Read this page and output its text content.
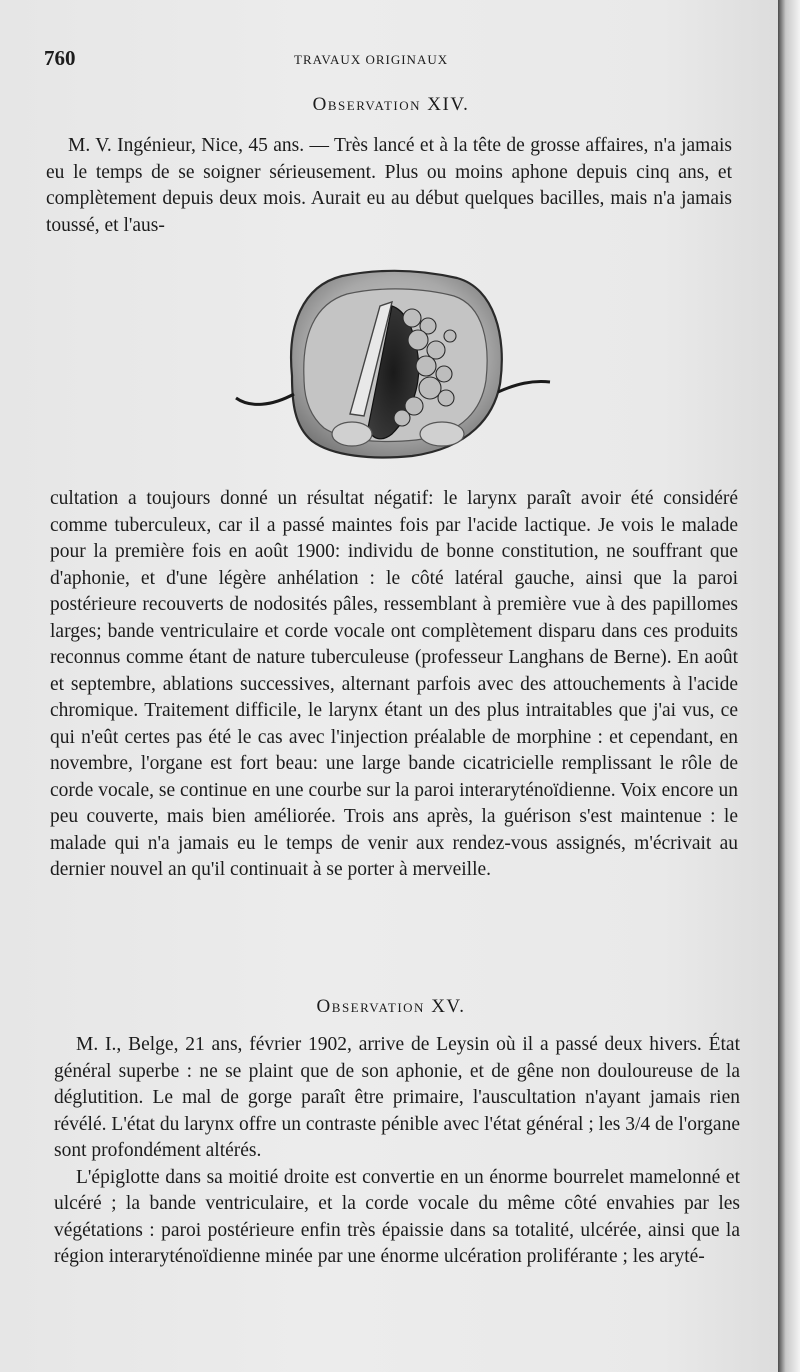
760	TRAVAUX ORIGINAUX
Observation XIV.

M. V. Ingénieur, Nice, 45 ans. — Très lancé et à la tête de grosse affaires, n'a jamais eu le temps de se soigner sérieusement. Plus ou moins aphone depuis cinq ans, et complètement depuis deux mois. Aurait eu au début quelques bacilles, mais n'a jamais toussé, et l'aus-

cultation a toujours donné un résultat négatif: le larynx paraît avoir été considéré comme tuberculeux, car il a passé maintes fois par l'acide lactique. Je vois le malade pour la première fois en août 1900: individu de bonne constitution, ne souffrant que d'aphonie, et d'une légère anhélation : le côté latéral gauche, ainsi que la paroi postérieure recouverts de nodosités pâles, ressemblant à première vue à des papillomes larges; bande ventriculaire et corde vocale ont complètement disparu dans ces produits reconnus comme étant de nature tuberculeuse (professeur Langhans de Berne). En août et septembre, ablations successives, alternant parfois avec des attouchements à l'acide chromique. Traitement difficile, le larynx étant un des plus intraitables que j'ai vus, ce qui n'eût certes pas été le cas avec l'injection préalable de morphine : et cependant, en novembre, l'organe est fort beau: une large bande cicatricielle remplissant le rôle de corde vocale, se continue en une courbe sur la paroi interaryténoïdienne. Voix encore un peu couverte, mais bien améliorée. Trois ans après, la guérison s'est maintenue : le malade qui n'a jamais eu le temps de venir aux rendez-vous assignés, m'écrivait au dernier nouvel an qu'il continuait à se porter à merveille.

Observation XV.

M. I., Belge, 21 ans, février 1902, arrive de Leysin où il a passé deux hivers. État général superbe : ne se plaint que de son aphonie, et de gêne non douloureuse de la déglutition. Le mal de gorge paraît être primaire, l'auscultation n'ayant jamais rien révélé. L'état du larynx offre un contraste pénible avec l'état général ; les 3/4 de l'organe sont profondément altérés.

L'épiglotte dans sa moitié droite est convertie en un énorme bourrelet mamelonné et ulcéré ; la bande ventriculaire, et la corde vocale du même côté envahies par les végétations : paroi postérieure enfin très épaissie dans sa totalité, ulcérée, ainsi que la région interaryténoïdienne minée par une énorme ulcération proliférante ; les aryté-
